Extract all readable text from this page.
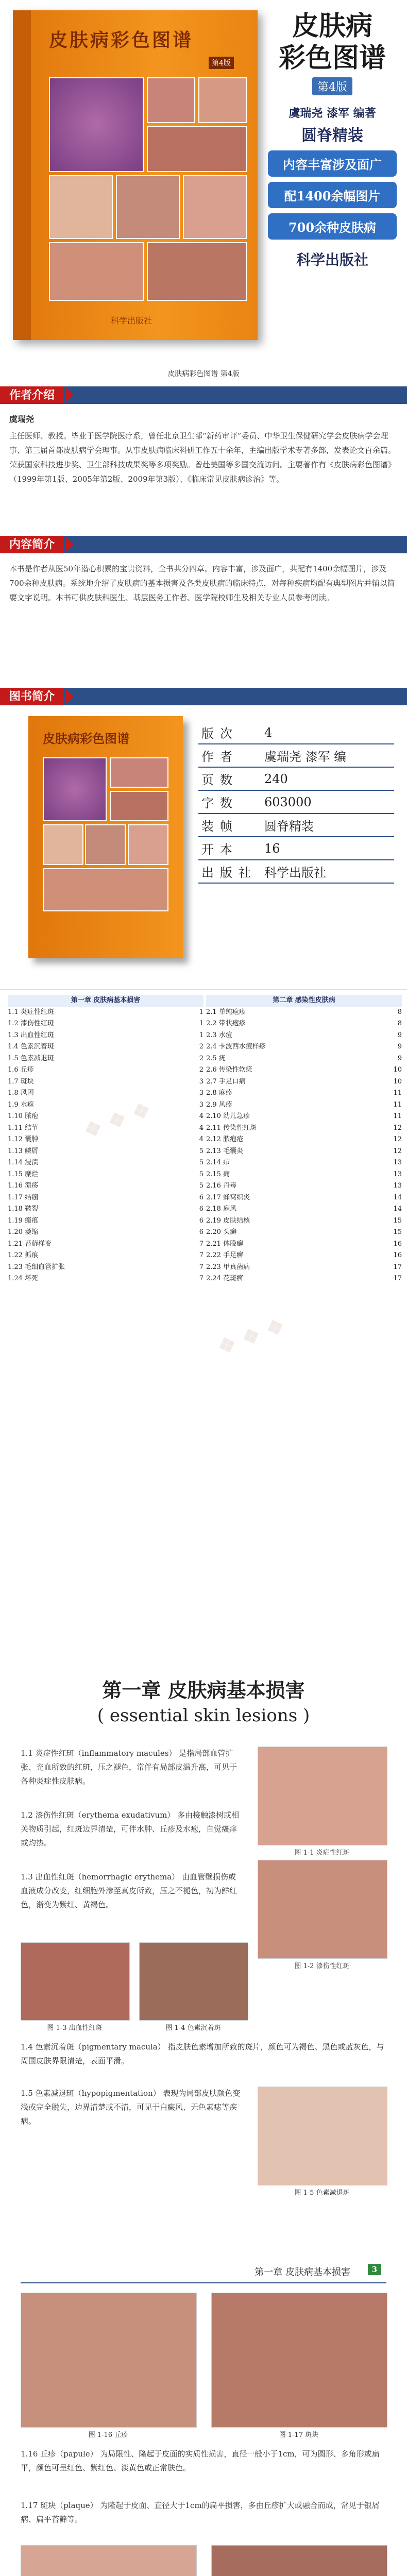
皮肤病彩色图谱
第4版
科学出版社
皮肤病
彩色图谱
第4版
虞瑞尧 漆军 编著
圆脊精装
内容丰富涉及面广
配1400余幅图片
700余种皮肤病
科学出版社
皮肤病彩色图谱 第4版
作者介绍
虞瑞尧

主任医师、教授。毕业于医学院医疗系，曾任北京卫生部“新药审评”委员、中华卫生保健研究学会皮肤病学会理事、第三届首都皮肤病学会理事。从事皮肤病临床科研工作五十余年，主编出版学术专著多部，发表论文百余篇。荣获国家科技进步奖、卫生部科技成果奖等多项奖励。曾赴美国等多国交流访问。主要著作有《皮肤病彩色图谱》（1999年第1版、2005年第2版、2009年第3版）、《临床常见皮肤病诊治》等。

内容简介

本书是作者从医50年潜心积累的宝贵资料，全书共分四章。内容丰富，涉及面广，共配有1400余幅图片，涉及700余种皮肤病。系统地介绍了皮肤病的基本损害及各类皮肤病的临床特点，对每种疾病均配有典型图片并辅以简要文字说明。本书可供皮肤科医生、基层医务工作者、医学院校师生及相关专业人员参考阅读。

图书简介
皮肤病彩色图谱	版次	4
作者	虞瑞尧 漆军 编
页数	240
字数	603000
装帧	圆脊精装
开本	16
出版社	科学出版社
第一章 皮肤病基本损害
1.1 炎症性红斑	1
1.2 漆伤性红斑	1
1.3 出血性红斑	1
1.4 色素沉着斑	2
1.5 色素减退斑	2
1.6 丘疹	2
1.7 斑块	3
1.8 风团	3
1.9 水疱	3
1.10 脓疱	4
1.11 结节	4
1.12 囊肿	4
1.13 鳞屑	5
1.14 浸渍	5
1.15 糜烂	5
1.16 溃疡	5
1.17 结痂	6
1.18 皲裂	6
1.19 瘢痕	6
1.20 萎缩	6
1.21 苔藓样变	7
1.22 抓痕	7
1.23 毛细血管扩张	7
1.24 坏死	7
第二章 感染性皮肤病
2.1 单纯疱疹	8
2.2 带状疱疹	8
2.3 水痘	9
2.4 卡波西水痘样疹	9
2.5 疣	9
2.6 传染性软疣	10
2.7 手足口病	10
2.8 麻疹	11
2.9 风疹	11
2.10 幼儿急疹	11
2.11 传染性红斑	12
2.12 脓疱疮	12
2.13 毛囊炎	12
2.14 疖	13
2.15 痈	13
2.16 丹毒	13
2.17 蜂窝织炎	14
2.18 麻风	14
2.19 皮肤结核	15
2.20 头癣	15
2.21 体股癣	16
2.22 手足癣	16
2.23 甲真菌病	17
2.24 花斑癣	17
❖ ❖ ❖
❖ ❖ ❖
第一章 皮肤病基本损害
( essential skin lesions )
1.1 炎症性红斑（inflammatory macules） 是指局部血管扩张、充血所致的红斑，压之褪色，常伴有局部皮温升高，可见于各种炎症性皮肤病。
1.2 漆伤性红斑（erythema exudativum） 多由接触漆树或相关物质引起，红斑边界清楚，可伴水肿、丘疹及水疱，自觉瘙痒或灼热。
1.3 出血性红斑（hemorrhagic erythema） 由血管壁损伤或血液成分改变，红细胞外渗至真皮所致，压之不褪色，初为鲜红色，渐变为紫红、黄褐色。
图 1-1 炎症性红斑
图 1-2 漆伤性红斑
图 1-3 出血性红斑	图 1-4 色素沉着斑
1.4 色素沉着斑（pigmentary macula） 指皮肤色素增加所致的斑片，颜色可为褐色、黑色或蓝灰色，与周围皮肤界限清楚，表面平滑。
1.5 色素减退斑（hypopigmentation） 表现为局部皮肤颜色变浅或完全脱失，边界清楚或不清，可见于白癜风、无色素痣等疾病。
图 1-5 色素减退斑
第一章 皮肤病基本损害	3
图 1-16 丘疹	图 1-17 斑块
1.16 丘疹（papule） 为局限性、隆起于皮面的实质性损害，直径一般小于1cm，可为圆形、多角形或扁平，颜色可呈红色、紫红色、淡黄色或正常肤色。
1.17 斑块（plaque） 为隆起于皮面、直径大于1cm的扁平损害，多由丘疹扩大或融合而成，常见于银屑病、扁平苔藓等。
